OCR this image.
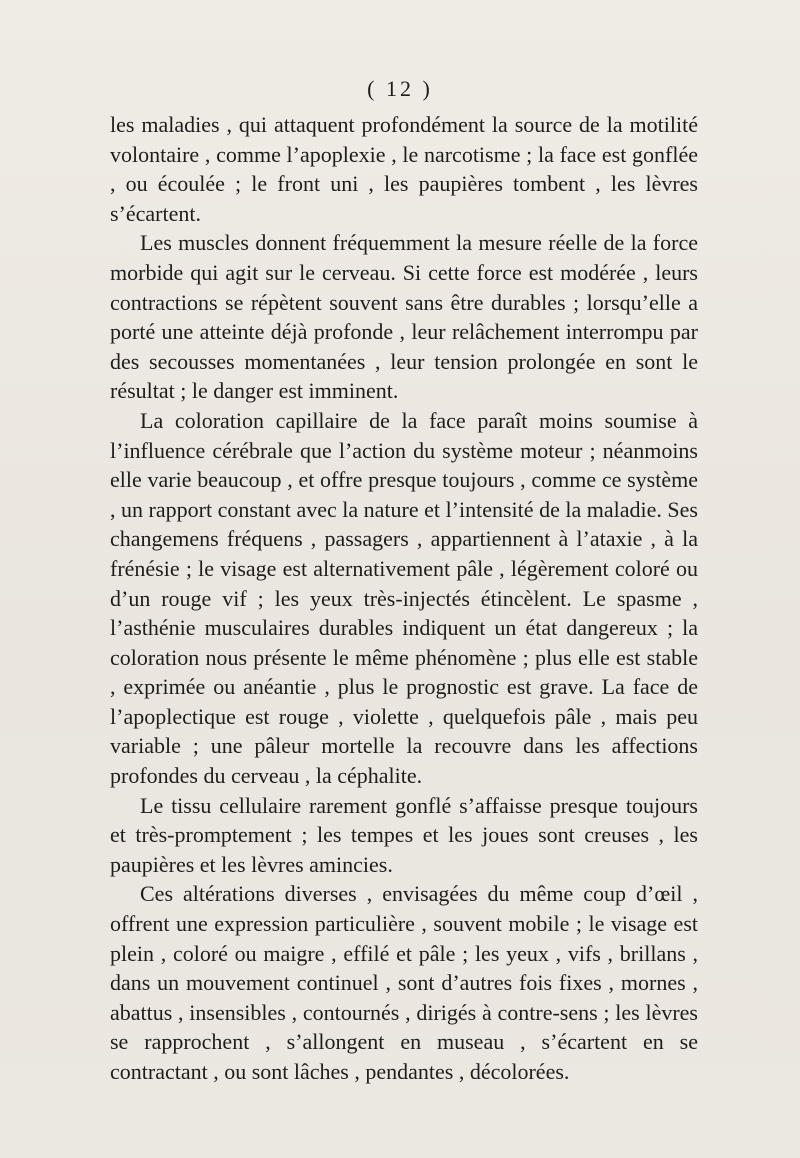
( 12 )

les maladies , qui attaquent profondément la source de la motilité volontaire , comme l’apoplexie , le narcotisme ; la face est gonflée , ou écoulée ; le front uni , les paupières tombent , les lèvres s’écartent.

Les muscles donnent fréquemment la mesure réelle de la force morbide qui agit sur le cerveau. Si cette force est modérée , leurs contractions se répètent souvent sans être durables ; lorsqu’elle a porté une atteinte déjà profonde , leur relâchement interrompu par des secousses momentanées , leur tension prolongée en sont le résultat ; le danger est imminent.

La coloration capillaire de la face paraît moins soumise à l’influence cérébrale que l’action du système moteur ; néanmoins elle varie beaucoup , et offre presque toujours , comme ce système , un rapport constant avec la nature et l’intensité de la maladie. Ses changemens fréquens , passagers , appartiennent à l’ataxie , à la frénésie ; le visage est alternativement pâle , légèrement coloré ou d’un rouge vif ; les yeux très-injectés étincèlent. Le spasme , l’asthénie musculaires durables indiquent un état dangereux ; la coloration nous présente le même phénomène ; plus elle est stable , exprimée ou anéantie , plus le prognostic est grave. La face de l’apoplectique est rouge , violette , quelquefois pâle , mais peu variable ; une pâleur mortelle la recouvre dans les affections profondes du cerveau , la céphalite.

Le tissu cellulaire rarement gonflé s’affaisse presque toujours et très-promptement ; les tempes et les joues sont creuses , les paupières et les lèvres amincies.

Ces altérations diverses , envisagées du même coup d’œil , offrent une expression particulière , souvent mobile ; le visage est plein , coloré ou maigre , effilé et pâle ; les yeux , vifs , brillans , dans un mouvement continuel , sont d’autres fois fixes , mornes , abattus , insensibles , contournés , dirigés à contre-sens ; les lèvres se rapprochent , s’allongent en museau , s’écartent en se contractant , ou sont lâches , pendantes , décolorées.
